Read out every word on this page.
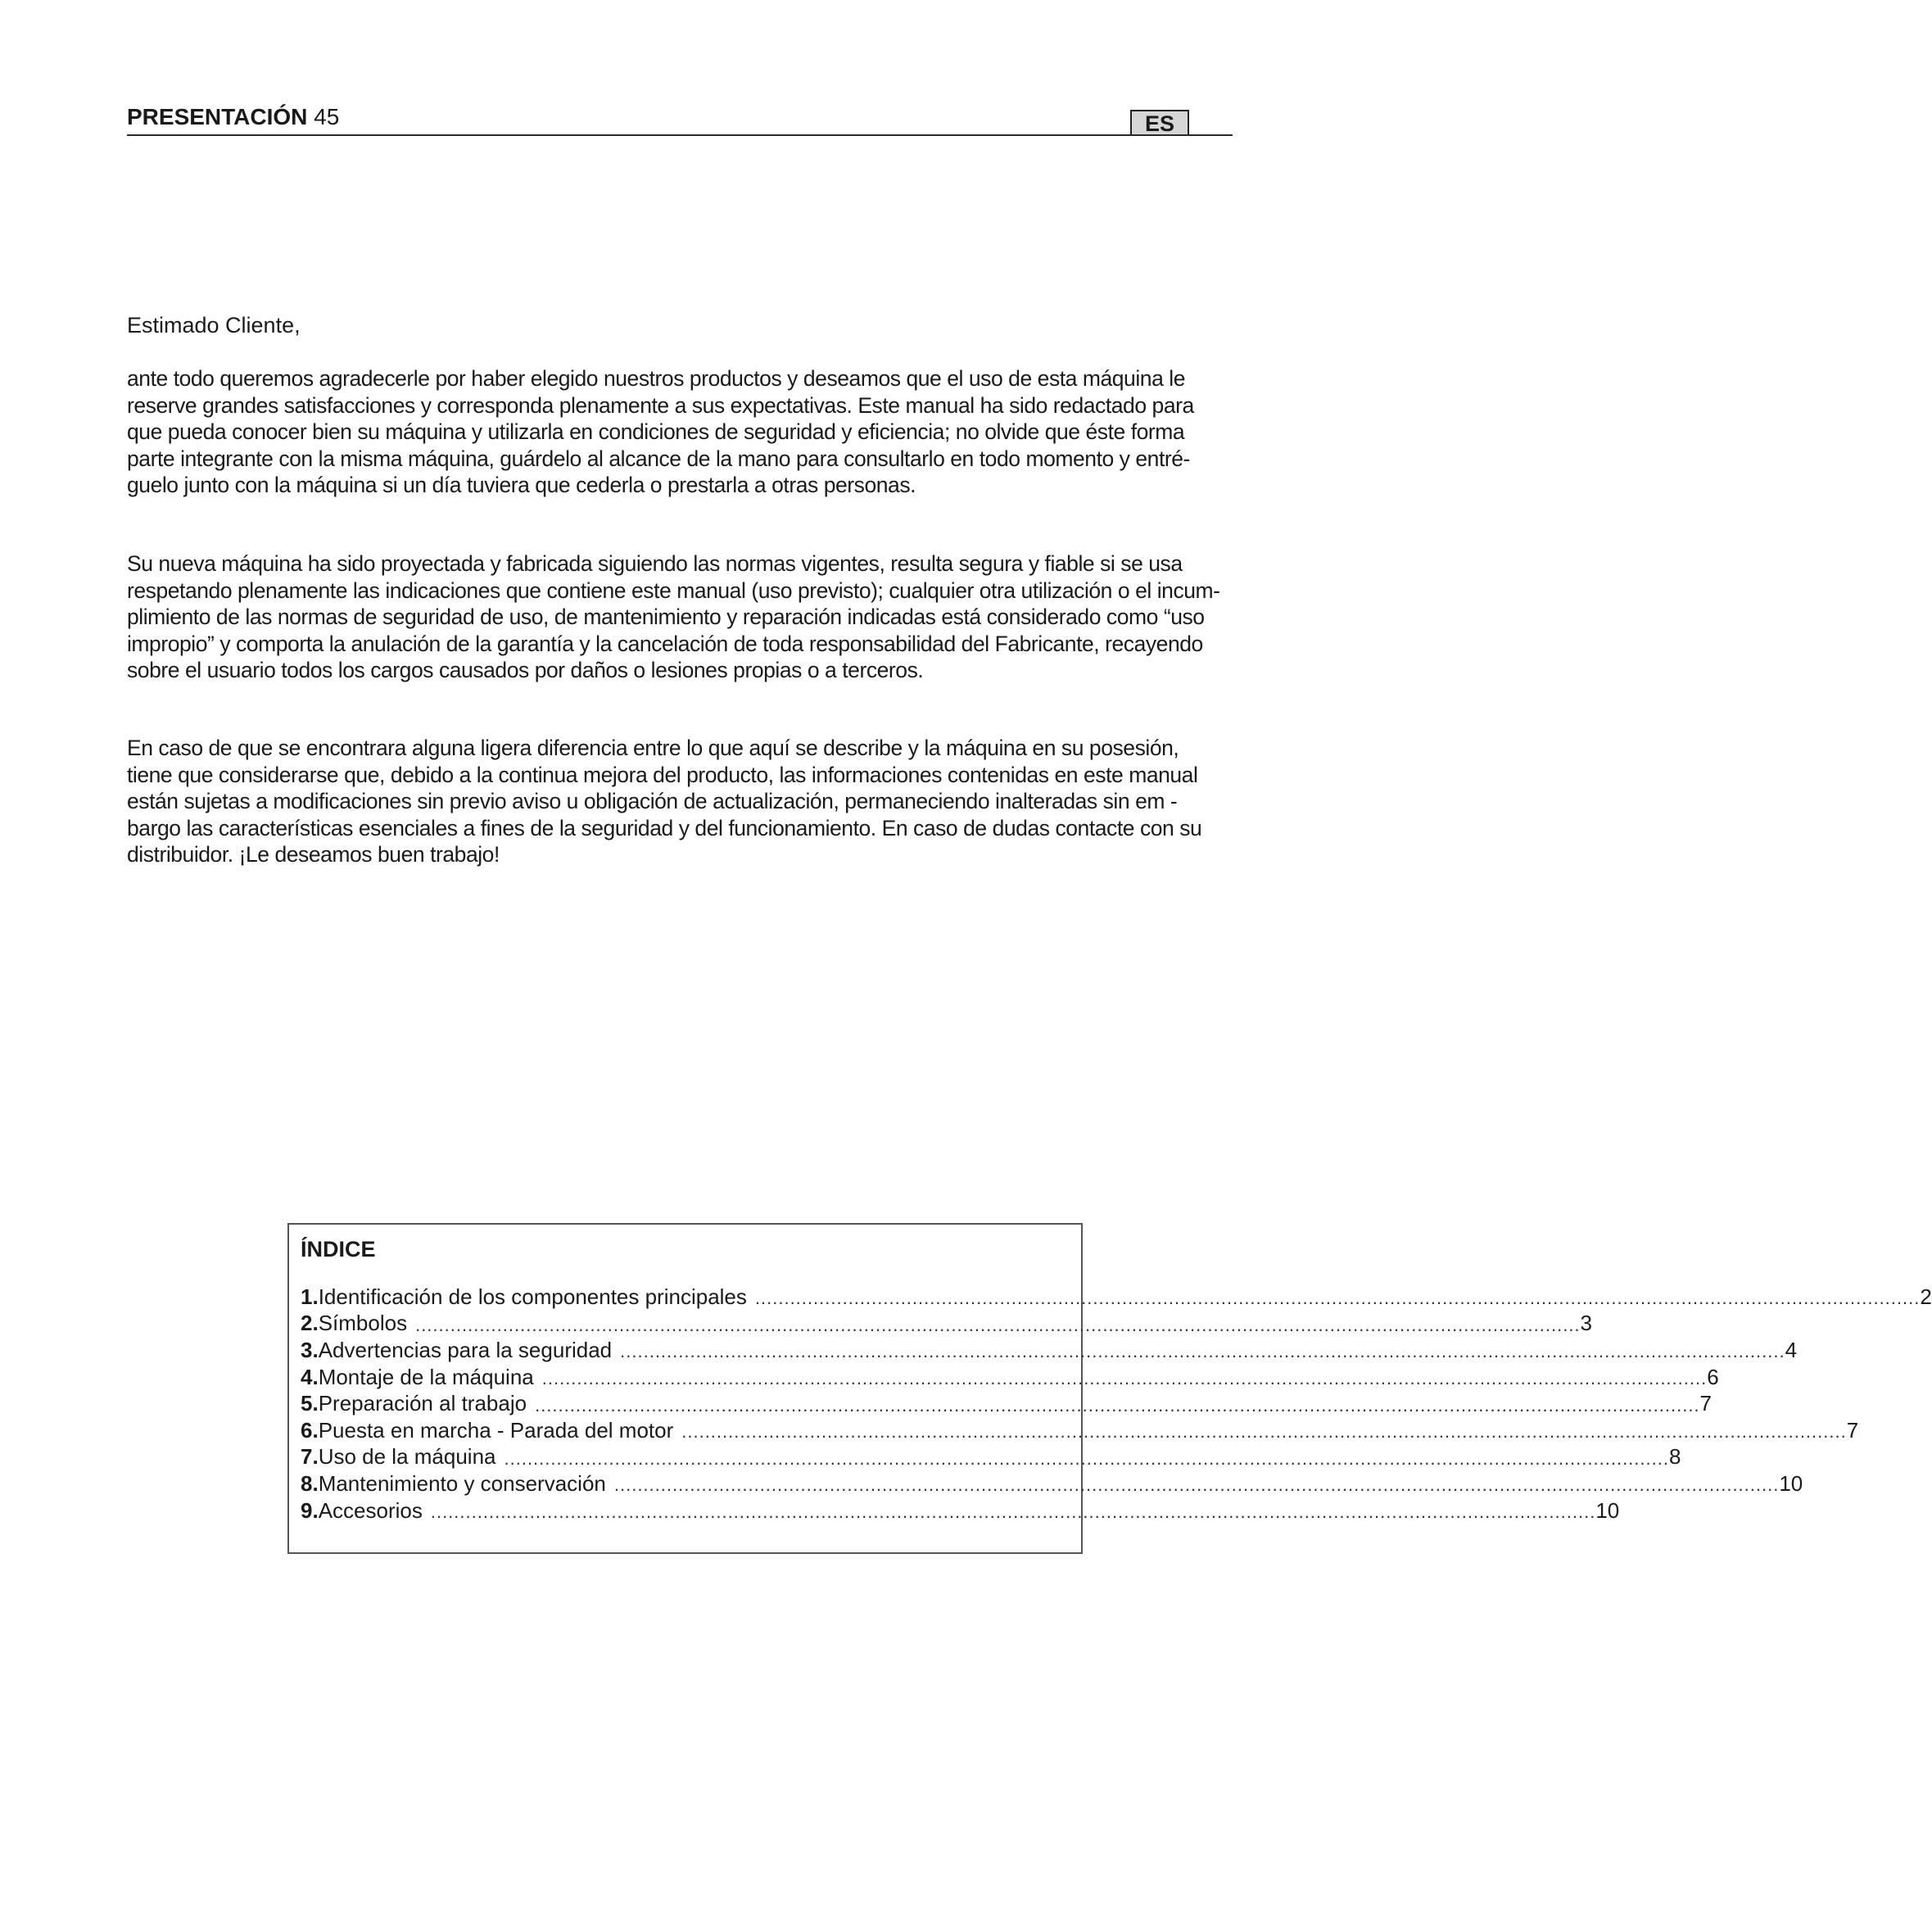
PRESENTACIÓN 45	ES
Estimado Cliente,
ante todo queremos agradecerle por haber elegido nuestros productos y deseamos que el uso de esta máquina le
reserve grandes satisfacciones y corresponda plenamente a sus expectativas. Este manual ha sido redactado para
que pueda conocer bien su máquina y utilizarla en condiciones de seguridad y eficiencia; no olvide que éste forma
parte integrante con la misma máquina, guárdelo al alcance de la mano para consultarlo en todo momento y entré-
guelo junto con la máquina si un día tuviera que cederla o prestarla a otras personas.
Su nueva máquina ha sido proyectada y fabricada siguiendo las normas vigentes, resulta segura y fiable si se usa
respetando plenamente las indicaciones que contiene este manual (uso previsto); cualquier otra utilización o el incum-
plimiento de las normas de seguridad de uso, de mantenimiento y reparación indicadas está considerado como “uso
impropio” y comporta la anulación de la garantía y la cancelación de toda responsabilidad del Fabricante, recayendo
sobre el usuario todos los cargos causados por daños o lesiones propias o a terceros.
En caso de que se encontrara alguna ligera diferencia entre lo que aquí se describe y la máquina en su posesión,
tiene que considerarse que, debido a la continua mejora del producto, las informaciones contenidas en este manual
están sujetas a modificaciones sin previo aviso u obligación de actualización, permaneciendo inalteradas sin em -
bargo las características esenciales a fines de la seguridad y del funcionamiento. En caso de dudas contacte con su
distribuidor. ¡Le deseamos buen trabajo!
ÍNDICE
1. Identificación de los componentes principales ........................................................................................................................................................................................................ 2
2. Símbolos ........................................................................................................................................................................................................ 3
3. Advertencias para la seguridad ........................................................................................................................................................................................................ 4
4. Montaje de la máquina ........................................................................................................................................................................................................ 6
5. Preparación al trabajo ........................................................................................................................................................................................................ 7
6. Puesta en marcha - Parada del motor ........................................................................................................................................................................................................ 7
7. Uso de la máquina ........................................................................................................................................................................................................ 8
8. Mantenimiento y conservación ........................................................................................................................................................................................................ 10
9. Accesorios ........................................................................................................................................................................................................ 10
